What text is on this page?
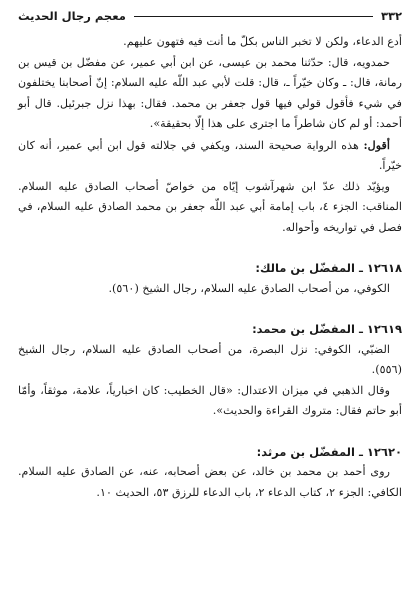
٣٣٢
معجم رجال الحديث

أدع الدعاء، ولكن لا تخبر الناس بكلّ ما أنت فيه فتهون عليهم.

حمدويه، قال: حدّثنا محمد بن عيسى، عن ابن أبي عمير، عن مفضّل بن قيس بن رمانة، قال: ـ وكان خيّراً ـ، قال: قلت لأبي عبد اللّه عليه السلام: إنّ أصحابنا يختلفون في شيء فأقول قولي فيها قول جعفر بن محمد. فقال: بهذا نزل جبرئيل. قال أبو أحمد: أو لم كان شاطراً ما اجترى على هذا إلّا بحقيقة».

أقول: هذه الرواية صحيحة السند، ويكفي في جلالته قول ابن أبي عمير، أنه كان خيّراً.

ويؤيّد ذلك عدّ ابن شهرآشوب إيّاه من خواصّ أصحاب الصادق عليه السلام. المناقب: الجزء ٤، باب إمامة أبي عبد اللّه جعفر بن محمد الصادق عليه السلام، في فصل في تواريخه وأحواله.

١٢٦١٨ ـ المفضّل بن مالك:

الكوفي، من أصحاب الصادق عليه السلام، رجال الشيخ (٥٦٠).

١٢٦١٩ ـ المفضّل بن محمد:

الضبّي، الكوفي: نزل البصرة، من أصحاب الصادق عليه السلام، رجال الشيخ (٥٥٦).

وقال الذهبي في ميزان الاعتدال: «قال الخطيب: كان اخبارياً، علامة، موثقاً، وأمّا أبو حاتم فقال: متروك القراءة والحديث».

١٢٦٢٠ ـ المفضّل بن مرثد:

روى أحمد بن محمد بن خالد، عن بعض أصحابه، عنه، عن الصادق عليه السلام. الكافي: الجزء ٢، كتاب الدعاء ٢، باب الدعاء للرزق ٥٣، الحديث ١٠.
